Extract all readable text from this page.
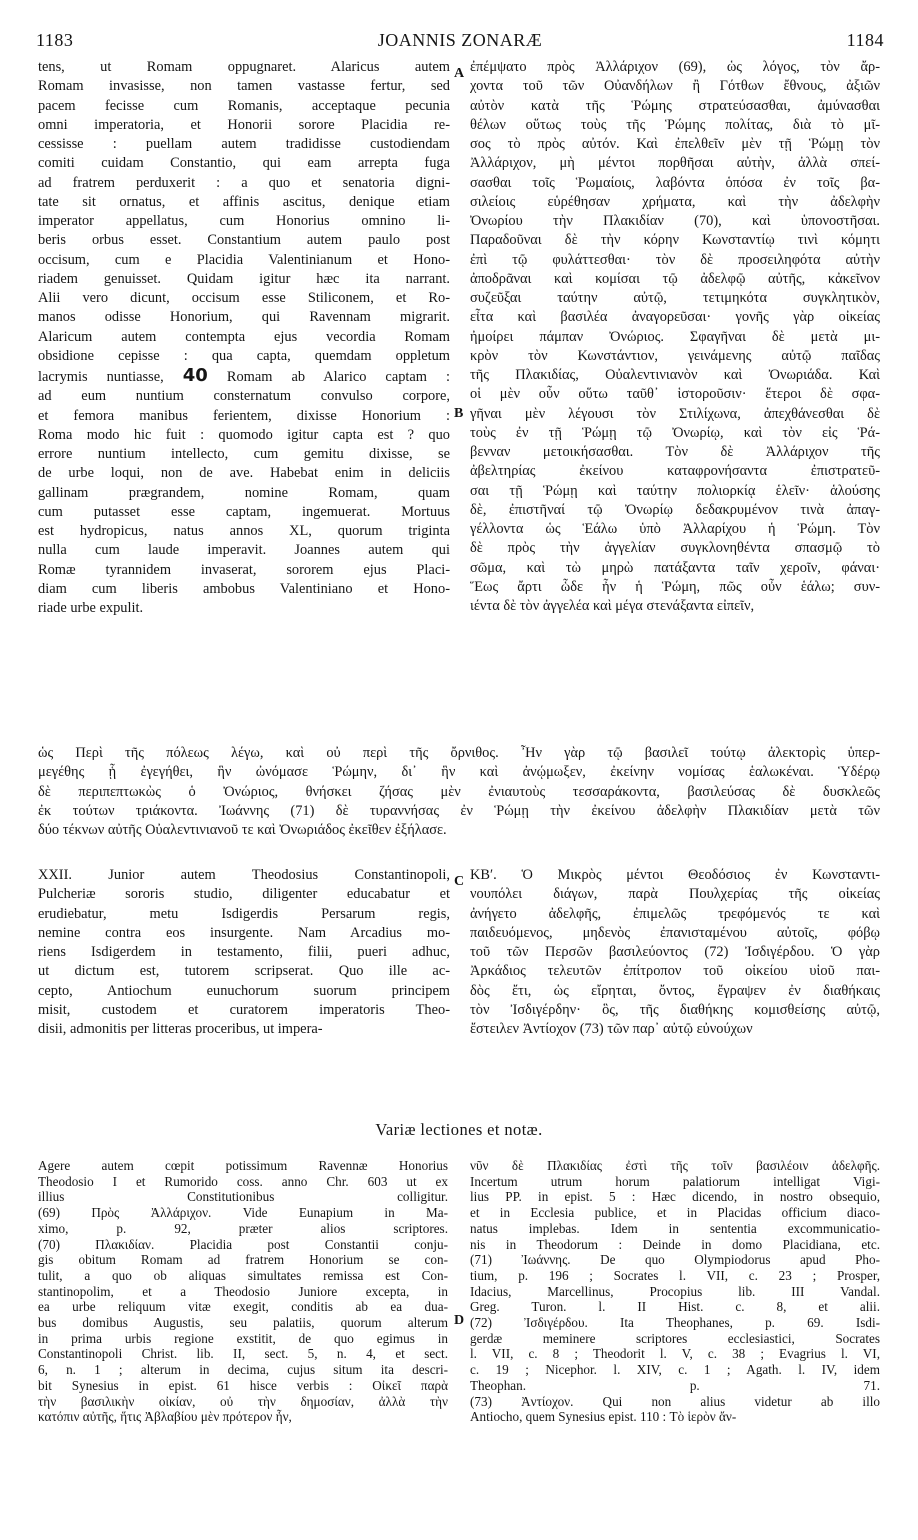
1183	JOANNIS ZONARÆ	1184
A
B
C
D
tens, ut Romam oppugnaret. Alaricus autem
Romam invasisse, non tamen vastasse fertur, sed
pacem fecisse cum Romanis, acceptaque pecunia
omni imperatoria, et Honorii sorore Placidia re-
cessisse : puellam autem tradidisse custodiendam
comiti cuidam Constantio, qui eam arrepta fuga
ad fratrem perduxerit : a quo et senatoria digni-
tate sit ornatus, et affinis ascitus, denique etiam
imperator appellatus, cum Honorius omnino li-
beris orbus esset. Constantium autem paulo post
occisum, cum e Placidia Valentinianum et Hono-
riadem genuisset. Quidam igitur hæc ita narrant.
Alii vero dicunt, occisum esse Stiliconem, et Ro-
manos odisse Honorium, qui Ravennam migrarit.
Alaricum autem contempta ejus vecordia Romam
obsidione cepisse : qua capta, quemdam oppletum
lacrymis nuntiasse, 40 Romam ab Alarico captam :
ad eum nuntium consternatum convulso corpore,
et femora manibus ferientem, dixisse Honorium :
Roma modo hic fuit : quomodo igitur capta est ? quo
errore nuntium intellecto, cum gemitu dixisse, se
de urbe loqui, non de ave. Habebat enim in deliciis
gallinam prægrandem, nomine Romam, quam
cum putasset esse captam, ingemuerat. Mortuus
est hydropicus, natus annos XL, quorum triginta
nulla cum laude imperavit. Joannes autem qui
Romæ tyrannidem invaserat, sororem ejus Placi-
diam cum liberis ambobus Valentiniano et Hono-
riade urbe expulit.
ἐπέμψατο πρὸς Ἀλλάριχον (69), ὡς λόγος, τὸν ἄρ-
χοντα τοῦ τῶν Οὐανδήλων ἢ Γότθων ἔθνους, ἀξιῶν
αὐτὸν κατὰ τῆς Ῥώμης στρατεύσασθαι, ἀμύνασθαι
θέλων οὕτως τοὺς τῆς Ῥώμης πολίτας, διὰ τὸ μῖ-
σος τὸ πρὸς αὐτόν. Καὶ ἐπελθεῖν μὲν τῇ Ῥώμῃ τὸν
Ἀλλάριχον, μὴ μέντοι πορθῆσαι αὐτὴν, ἀλλὰ σπεί-
σασθαι τοῖς Ῥωμαίοις, λαβόντα ὁπόσα ἐν τοῖς βα-
σιλείοις εὑρέθησαν χρήματα, καὶ τὴν ἀδελφὴν
Ὀνωρίου τὴν Πλακιδίαν (70), καὶ ὑπονοστῆσαι.
Παραδοῦναι δὲ τὴν κόρην Κωνσταντίῳ τινὶ κόμητι
ἐπὶ τῷ φυλάττεσθαι· τὸν δὲ προσειληφότα αὐτὴν
ἀποδρᾶναι καὶ κομίσαι τῷ ἀδελφῷ αὐτῆς, κἀκεῖνον
συζεῦξαι ταύτην αὐτῷ, τετιμηκότα συγκλητικὸν,
εἶτα καὶ βασιλέα ἀναγορεῦσαι· γονῆς γὰρ οἰκείας
ἠμοίρει πάμπαν Ὀνώριος. Σφαγῆναι δὲ μετὰ μι-
κρὸν τὸν Κωνστάντιον, γεινάμενης αὐτῷ παῖδας
τῆς Πλακιδίας, Οὐαλεντινιανὸν καὶ Ὀνωριάδα. Καὶ
οἱ μὲν οὖν οὕτω ταῦθ᾽ ἱστοροῦσιν· ἕτεροι δὲ σφα-
γῆναι μὲν λέγουσι τὸν Στιλίχωνα, ἀπεχθάνεσθαι δὲ
τοὺς ἐν τῇ Ῥώμῃ τῷ Ὀνωρίῳ, καὶ τὸν εἰς Ῥά-
βενναν μετοικήσασθαι. Τὸν δὲ Ἀλλάριχον τῆς
ἀβελτηρίας ἐκείνου καταφρονήσαντα ἐπιστρατεῦ-
σαι τῇ Ῥώμῃ καὶ ταύτην πολιορκίᾳ ἑλεῖν· ἁλούσης
δὲ, ἐπιστῆναί τῷ Ὀνωρίῳ δεδακρυμένον τινὰ ἀπαγ-
γέλλοντα ὡς Ἑάλω ὑπὸ Ἀλλαρίχου ἡ Ῥώμη. Τὸν
δὲ πρὸς τὴν ἀγγελίαν συγκλονηθέντα σπασμῷ τὸ
σῶμα, καὶ τὼ μηρὼ πατάξαντα ταῖν χεροῖν, φάναι·
Ἕως ἄρτι ὧδε ἦν ἡ Ῥώμη, πῶς οὖν ἑάλω; συν-
ιέντα δὲ τὸν ἀγγελέα καὶ μέγα στενάξαντα εἰπεῖν,
ὡς Περὶ τῆς πόλεως λέγω, καὶ οὐ περὶ τῆς ὄρνιθος. Ἦν γὰρ τῷ βασιλεῖ τούτῳ ἀλεκτορὶς ὑπερ-
μεγέθης ᾗ ἐγεγήθει, ἣν ὠνόμασε Ῥώμην, δι᾽ ἣν καὶ ἀνῴμωξεν, ἐκείνην νομίσας ἑαλωκέναι. Ὑδέρῳ
δὲ περιπεπτωκὼς ὁ Ὀνώριος, θνήσκει ζήσας μὲν ἐνιαυτοὺς τεσσαράκοντα, βασιλεύσας δὲ δυσκλεῶς
ἐκ τούτων τριάκοντα. Ἰωάννης (71) δὲ τυραννήσας ἐν Ῥώμῃ τὴν ἐκείνου ἀδελφὴν Πλακιδίαν μετὰ τῶν
δύο τέκνων αὐτῆς Οὐαλεντινιανοῦ τε καὶ Ὀνωριάδος ἐκεῖθεν ἐξήλασε.
XXII. Junior autem Theodosius Constantinopoli,
Pulcheriæ sororis studio, diligenter educabatur et
erudiebatur, metu Isdigerdis Persarum regis,
nemine contra eos insurgente. Nam Arcadius mo-
riens Isdigerdem in testamento, filii, pueri adhuc,
ut dictum est, tutorem scripserat. Quo ille ac-
cepto, Antiochum eunuchorum suorum principem
misit, custodem et curatorem imperatoris Theo-
disii, admonitis per litteras proceribus, ut impera-
ΚΒʹ. Ὁ Μικρὸς μέντοι Θεοδόσιος ἐν Κωνσταντι-
νουπόλει διάγων, παρὰ Πουλχερίας τῆς οἰκείας
ἀνήγετο ἀδελφῆς, ἐπιμελῶς τρεφόμενός τε καὶ
παιδευόμενος, μηδενὸς ἐπανισταμένου αὐτοῖς, φόβῳ
τοῦ τῶν Περσῶν βασιλεύοντος (72) Ἰσδιγέρδου. Ὁ γὰρ
Ἀρκάδιος τελευτῶν ἐπίτροπον τοῦ οἰκείου υἱοῦ παι-
δὸς ἔτι, ὡς εἴρηται, ὄντος, ἔγραψεν ἐν διαθήκαις
τὸν Ἰσδιγέρδην· ὃς, τῆς διαθήκης κομισθείσης αὐτῷ,
ἔστειλεν Ἀντίοχον (73) τῶν παρ᾽ αὐτῷ εὐνούχων
Variæ lectiones et notæ.
Agere autem cœpit potissimum Ravennæ Honorius
Theodosio I et Rumorido coss. anno Chr. 603 ut ex
illius Constitutionibus colligitur.
(69) Πρὸς Ἀλλάριχον. Vide Eunapium in Ma-
ximo, p. 92, præter alios scriptores.
(70) Πλακιδίαν. Placidia post Constantii conju-
gis obitum Romam ad fratrem Honorium se con-
tulit, a quo ob aliquas simultates remissa est Con-
stantinopolim, et a Theodosio Juniore excepta, in
ea urbe reliquum vitæ exegit, conditis ab ea dua-
bus domibus Augustis, seu palatiis, quorum alterum
in prima urbis regione exstitit, de quo egimus in
Constantinopoli Christ. lib. II, sect. 5, n. 4, et sect.
6, n. 1 ; alterum in decima, cujus situm ita descri-
bit Synesius in epist. 61 hisce verbis : Οἰκεῖ παρὰ
τὴν βασιλικὴν οἰκίαν, οὐ τὴν δημοσίαν, ἀλλὰ τὴν
κατόπιν αὐτῆς, ἥτις Ἀβλαβίου μὲν πρότερον ἦν,
νῦν δὲ Πλακιδίας ἐστὶ τῆς τοῖν βασιλέοιν ἀδελφῆς.
Incertum utrum horum palatiorum intelligat Vigi-
lius PP. in epist. 5 : Hæc dicendo, in nostro obsequio,
et in Ecclesia publice, et in Placidas officium diaco-
natus implebas. Idem in sententia excommunicatio-
nis in Theodorum : Deinde in domo Placidiana, etc.
(71) Ἰωάννης. De quo Olympiodorus apud Pho-
tium, p. 196 ; Socrates l. VII, c. 23 ; Prosper,
Idacius, Marcellinus, Procopius lib. III Vandal.
Greg. Turon. l. II Hist. c. 8, et alii.
(72) Ἰσδιγέρδου. Ita Theophanes, p. 69. Isdi-
gerdæ meminere scriptores ecclesiastici, Socrates
l. VII, c. 8 ; Theodorit l. V, c. 38 ; Evagrius l. VI,
c. 19 ; Nicephor. l. XIV, c. 1 ; Agath. l. IV, idem
Theophan. p. 71.
(73) Ἀντίοχον. Qui non alius videtur ab illo
Antiocho, quem Synesius epist. 110 : Τὸ ἱερὸν ἄν-
